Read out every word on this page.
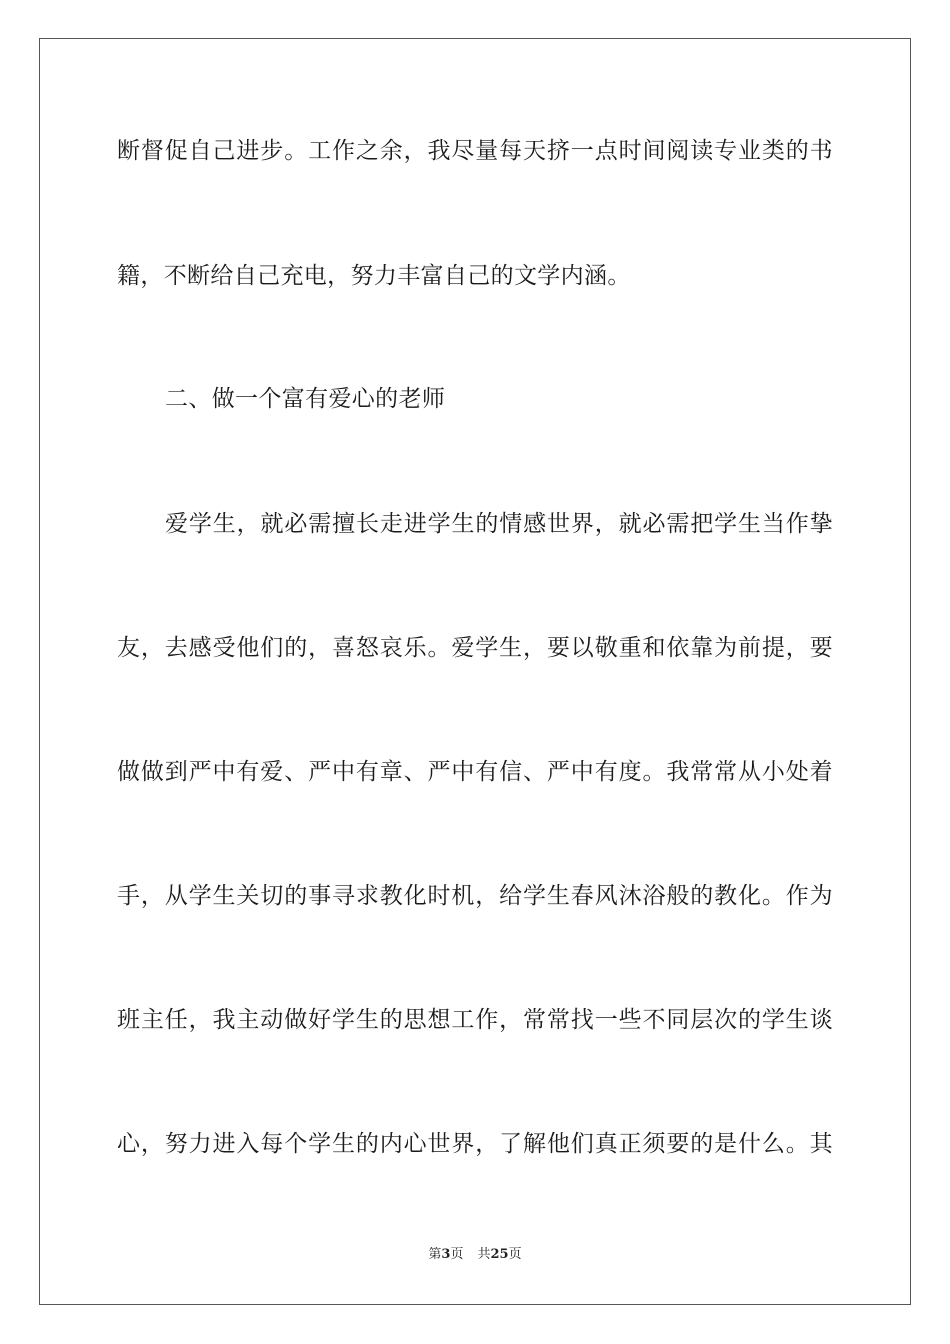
断督促自己进步。工作之余，我尽量每天挤一点时间阅读专业类的书
籍，不断给自己充电，努力丰富自己的文学内涵。
二、做一个富有爱心的老师
爱学生，就必需擅长走进学生的情感世界，就必需把学生当作挚
友，去感受他们的，喜怒哀乐。爱学生，要以敬重和依靠为前提，要
做做到严中有爱、严中有章、严中有信、严中有度。我常常从小处着
手，从学生关切的事寻求教化时机，给学生春风沐浴般的教化。作为
班主任，我主动做好学生的思想工作，常常找一些不同层次的学生谈
心，努力进入每个学生的内心世界，了解他们真正须要的是什么。其
第3页 共25页
